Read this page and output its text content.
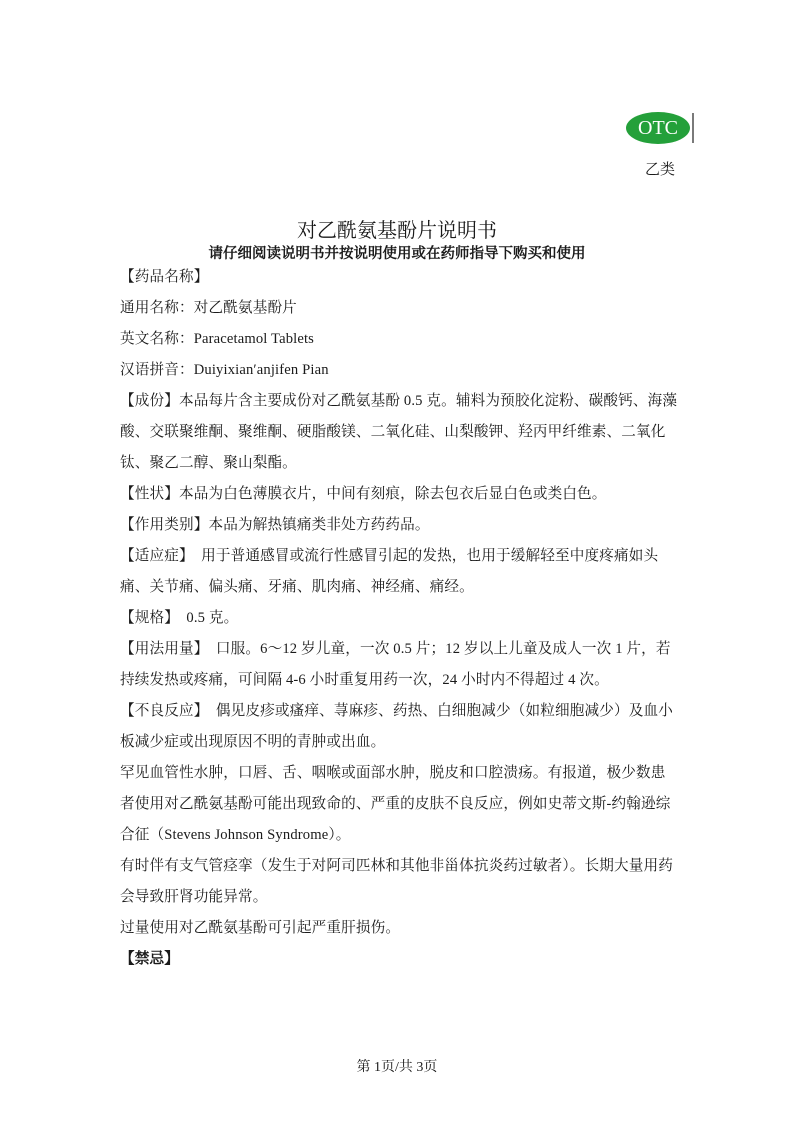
OTC
乙类
对乙酰氨基酚片说明书
请仔细阅读说明书并按说明使用或在药师指导下购买和使用

【药品名称】

通用名称：对乙酰氨基酚片

英文名称：Paracetamol Tablets

汉语拼音：Duiyixian′anjifen Pian

【成份】本品每片含主要成份对乙酰氨基酚 0.5 克。辅料为预胶化淀粉、碳酸钙、海藻酸、交联聚维酮、聚维酮、硬脂酸镁、二氧化硅、山梨酸钾、羟丙甲纤维素、二氧化钛、聚乙二醇、聚山梨酯。

【性状】本品为白色薄膜衣片，中间有刻痕，除去包衣后显白色或类白色。

【作用类别】本品为解热镇痛类非处方药药品。

【适应症】　用于普通感冒或流行性感冒引起的发热，也用于缓解轻至中度疼痛如头痛、关节痛、偏头痛、牙痛、肌肉痛、神经痛、痛经。

【规格】　0.5 克。

【用法用量】　口服。6～12 岁儿童，一次 0.5 片；12 岁以上儿童及成人一次 1 片，若持续发热或疼痛，可间隔 4-6 小时重复用药一次，24 小时内不得超过 4 次。

【不良反应】　偶见皮疹或瘙痒、荨麻疹、药热、白细胞减少（如粒细胞减少）及血小板减少症或出现原因不明的青肿或出血。

罕见血管性水肿，口唇、舌、咽喉或面部水肿，脱皮和口腔溃疡。有报道，极少数患者使用对乙酰氨基酚可能出现致命的、严重的皮肤不良反应，例如史蒂文斯-约翰逊综合征（Stevens Johnson Syndrome）。

有时伴有支气管痉挛（发生于对阿司匹林和其他非甾体抗炎药过敏者）。长期大量用药会导致肝肾功能异常。

过量使用对乙酰氨基酚可引起严重肝损伤。

【禁忌】

第 1页/共 3页
